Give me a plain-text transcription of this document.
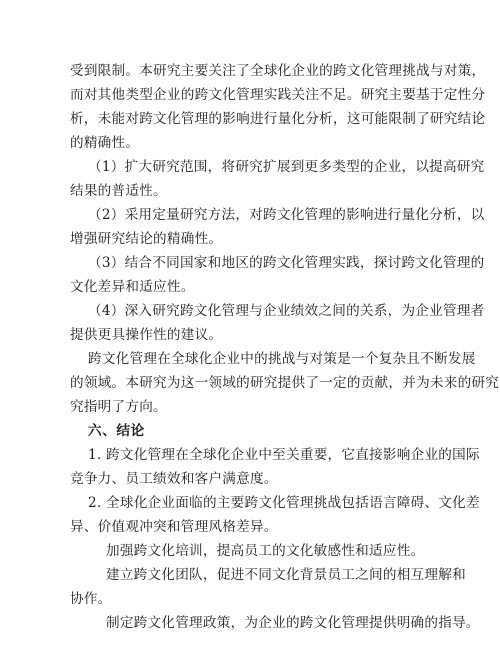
受到限制。本研究主要关注了全球化企业的跨文化管理挑战与对策，
而对其他类型企业的跨文化管理实践关注不足。研究主要基于定性分
析，未能对跨文化管理的影响进行量化分析，这可能限制了研究结论
的精确性。
（1）扩大研究范围，将研究扩展到更多类型的企业，以提高研究
结果的普适性。
（2）采用定量研究方法，对跨文化管理的影响进行量化分析，以
增强研究结论的精确性。
（3）结合不同国家和地区的跨文化管理实践，探讨跨文化管理的
文化差异和适应性。
（4）深入研究跨文化管理与企业绩效之间的关系，为企业管理者
提供更具操作性的建议。
跨文化管理在全球化企业中的挑战与对策是一个复杂且不断发展
的领域。本研究为这一领域的研究提供了一定的贡献，并为未来的研究
究指明了方向。
六、结论
1. 跨文化管理在全球化企业中至关重要，它直接影响企业的国际
竞争力、员工绩效和客户满意度。
2. 全球化企业面临的主要跨文化管理挑战包括语言障碍、文化差
异、价值观冲突和管理风格差异。
加强跨文化培训，提高员工的文化敏感性和适应性。
建立跨文化团队，促进不同文化背景员工之间的相互理解和
协作。
制定跨文化管理政策，为企业的跨文化管理提供明确的指导。
